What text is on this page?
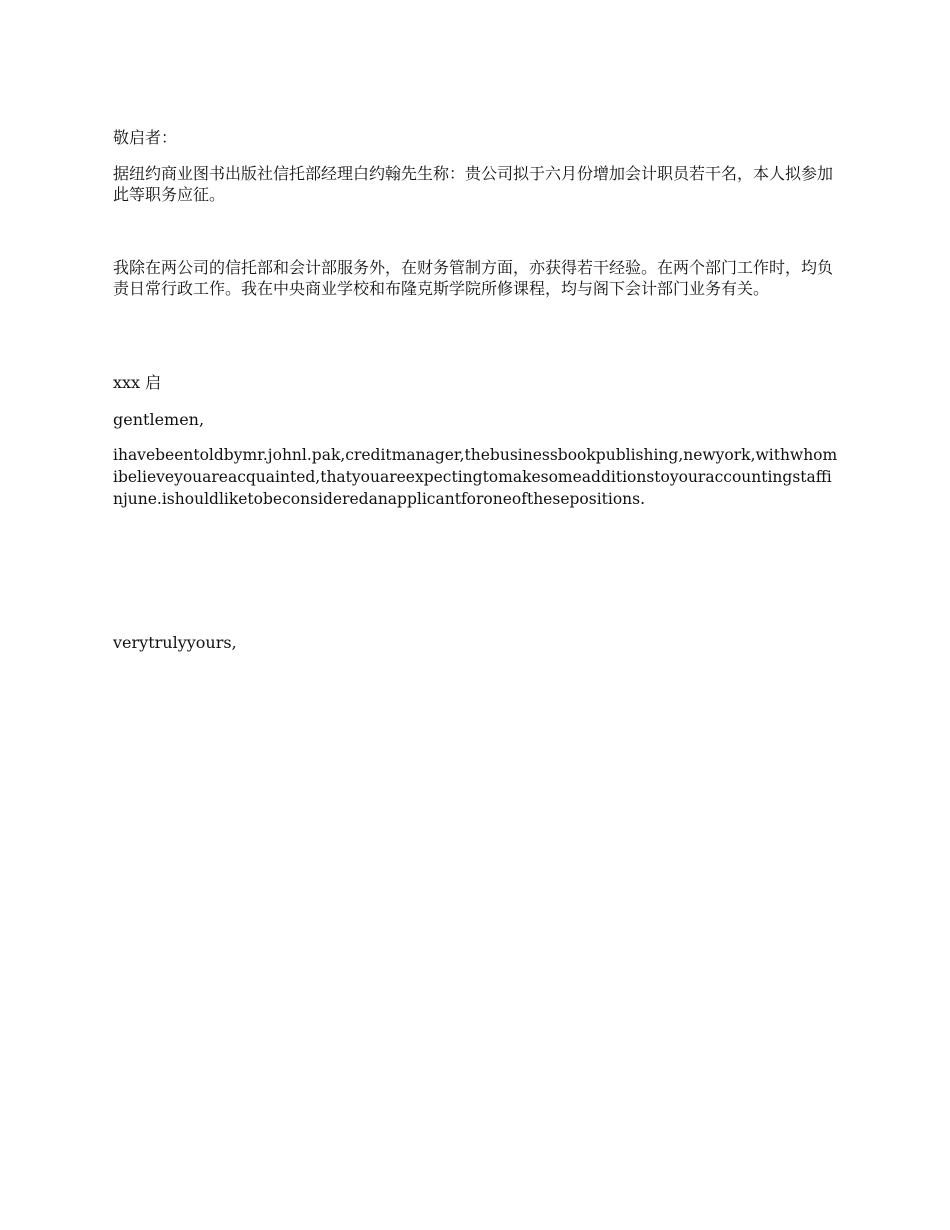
敬启者：

据纽约商业图书出版社信托部经理白约翰先生称：贵公司拟于六月份增加会计职员若干名，本人拟参加此等职务应征。

我除在两公司的信托部和会计部服务外，在财务管制方面，亦获得若干经验。在两个部门工作时，均负责日常行政工作。我在中央商业学校和布隆克斯学院所修课程，均与阁下会计部门业务有关。

xxx 启

gentlemen,

ihavebeentoldbymr.johnl.pak,creditmanager,thebusinessbookpublishing,newyork,withwhomibelieveyouareacquainted,thatyouareexpectingtomakesomeadditionstoyouraccountingstaffinjune.ishouldliketobeconsideredanapplicantforoneofthesepositions.

verytrulyyours,
